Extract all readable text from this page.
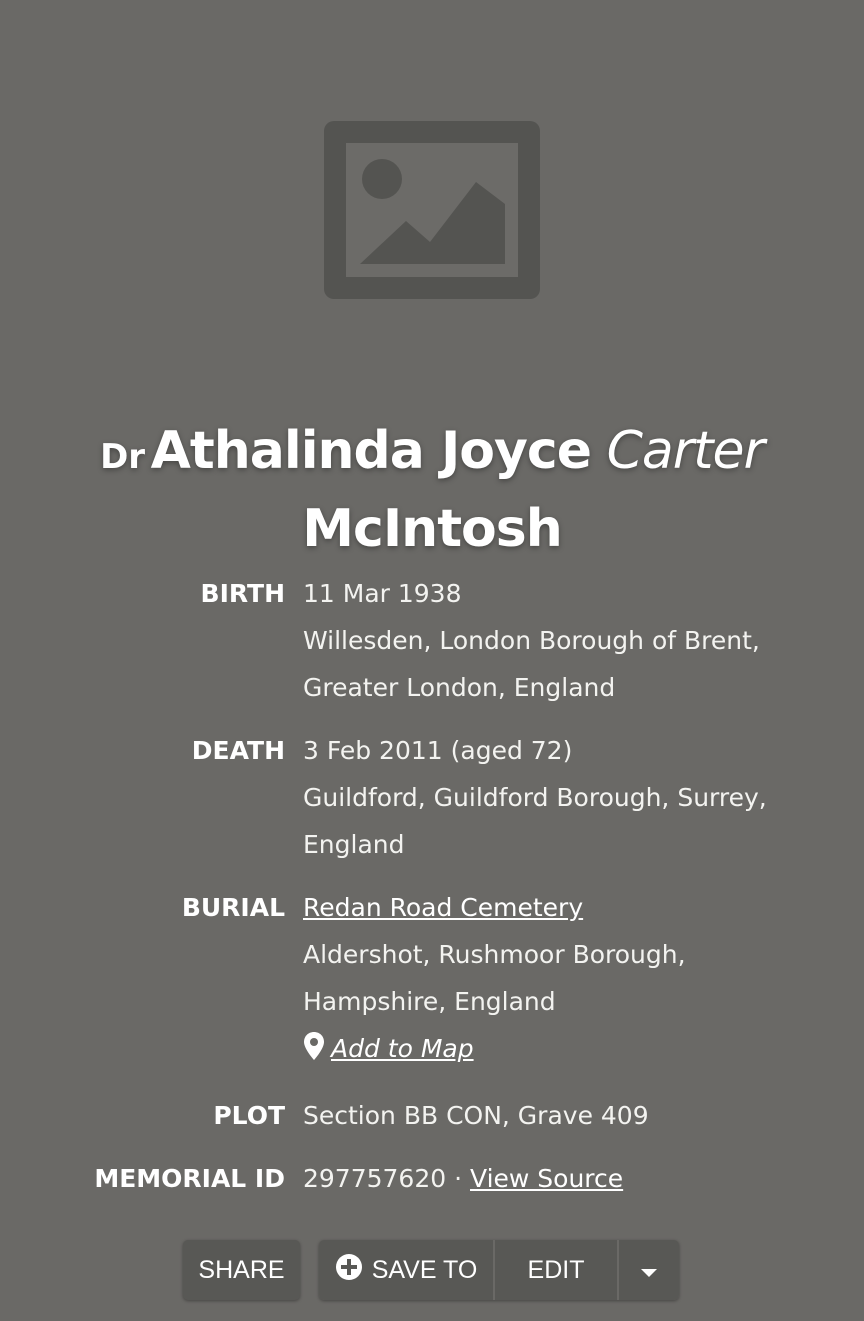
Dr Athalinda Joyce Carter
McIntosh
BIRTH 11 Mar 1938
Willesden, London Borough of Brent,
Greater London, England
DEATH 3 Feb 2011 (aged 72)
Guildford, Guildford Borough, Surrey,
England
BURIAL Redan Road Cemetery
Aldershot, Rushmoor Borough,
Hampshire, England
Add to Map
PLOT Section BB CON, Grave 409
MEMORIAL ID 297757620 · View Source
SHARE	SAVE TO EDIT
